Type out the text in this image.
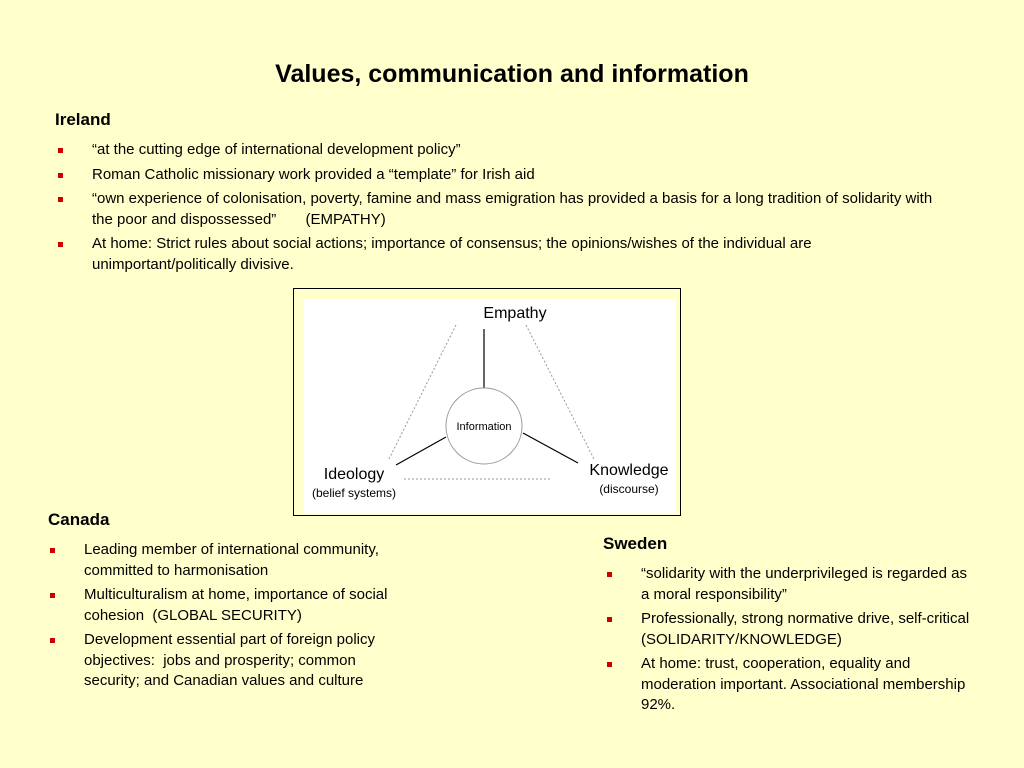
Values, communication and information
Ireland
“at the cutting edge of international development policy”
Roman Catholic missionary work provided a “template” for Irish aid
“own experience of colonisation, poverty, famine and mass emigration has provided a basis for a long tradition of solidarity with the poor and dispossessed”       (EMPATHY)
At home: Strict rules about social actions; importance of consensus; the opinions/wishes of the individual are unimportant/politically divisive.
Empathy
Information
Ideology
(belief systems)
Knowledge
(discourse)
Canada
Leading member of international community, committed to harmonisation
Multiculturalism at home, importance of social cohesion  (GLOBAL SECURITY)
Development essential part of foreign policy objectives:  jobs and prosperity; common security; and Canadian values and culture
Sweden
“solidarity with the underprivileged is regarded as a moral responsibility”
Professionally, strong normative drive, self-critical   (SOLIDARITY/KNOWLEDGE)
At home: trust, cooperation, equality and moderation important. Associational membership 92%.
